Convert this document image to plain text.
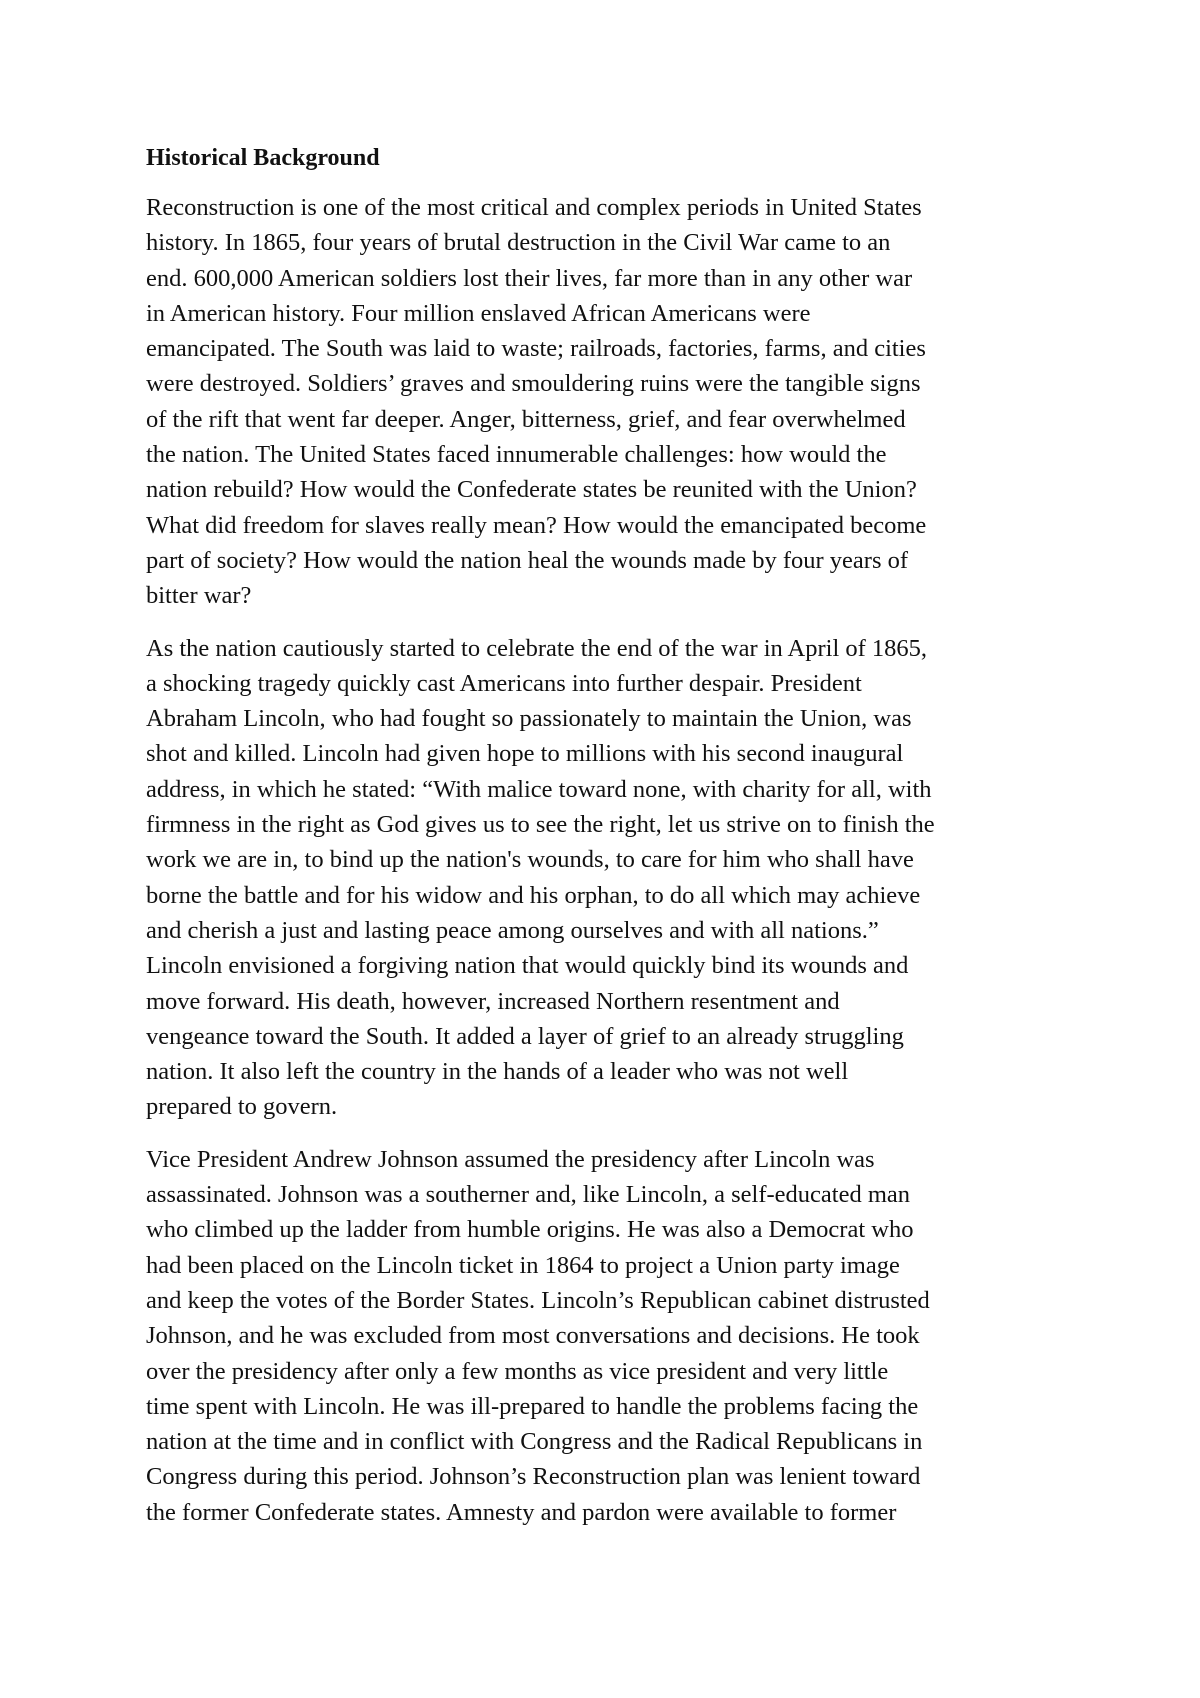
Historical Background
Reconstruction is one of the most critical and complex periods in United States
history. In 1865, four years of brutal destruction in the Civil War came to an
end. 600,000 American soldiers lost their lives, far more than in any other war
in American history. Four million enslaved African Americans were
emancipated. The South was laid to waste; railroads, factories, farms, and cities
were destroyed. Soldiers’ graves and smouldering ruins were the tangible signs
of the rift that went far deeper. Anger, bitterness, grief, and fear overwhelmed
the nation. The United States faced innumerable challenges: how would the
nation rebuild? How would the Confederate states be reunited with the Union?
What did freedom for slaves really mean? How would the emancipated become
part of society? How would the nation heal the wounds made by four years of
bitter war?
As the nation cautiously started to celebrate the end of the war in April of 1865,
a shocking tragedy quickly cast Americans into further despair. President
Abraham Lincoln, who had fought so passionately to maintain the Union, was
shot and killed. Lincoln had given hope to millions with his second inaugural
address, in which he stated: “With malice toward none, with charity for all, with
firmness in the right as God gives us to see the right, let us strive on to finish the
work we are in, to bind up the nation's wounds, to care for him who shall have
borne the battle and for his widow and his orphan, to do all which may achieve
and cherish a just and lasting peace among ourselves and with all nations.”
Lincoln envisioned a forgiving nation that would quickly bind its wounds and
move forward. His death, however, increased Northern resentment and
vengeance toward the South. It added a layer of grief to an already struggling
nation. It also left the country in the hands of a leader who was not well
prepared to govern.
Vice President Andrew Johnson assumed the presidency after Lincoln was
assassinated. Johnson was a southerner and, like Lincoln, a self-educated man
who climbed up the ladder from humble origins. He was also a Democrat who
had been placed on the Lincoln ticket in 1864 to project a Union party image
and keep the votes of the Border States. Lincoln’s Republican cabinet distrusted
Johnson, and he was excluded from most conversations and decisions. He took
over the presidency after only a few months as vice president and very little
time spent with Lincoln. He was ill-prepared to handle the problems facing the
nation at the time and in conflict with Congress and the Radical Republicans in
Congress during this period. Johnson’s Reconstruction plan was lenient toward
the former Confederate states. Amnesty and pardon were available to former
